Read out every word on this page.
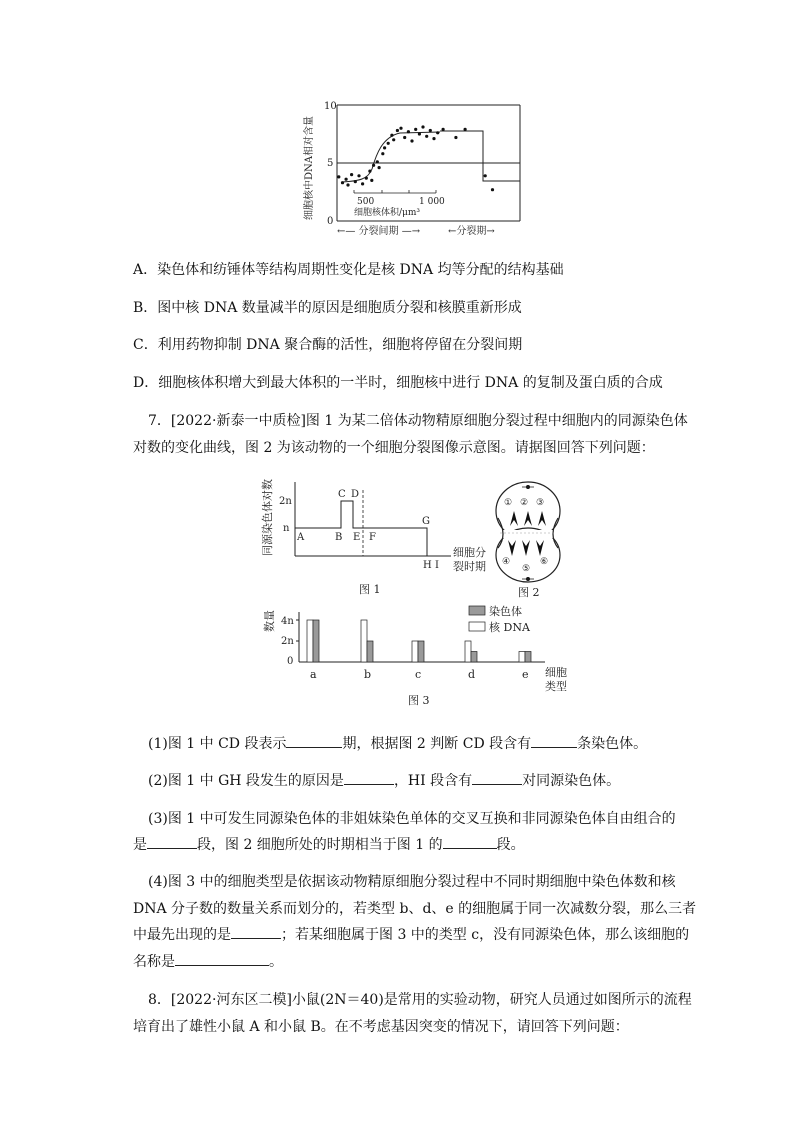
细胞核中DNA相对含量
10
5
0
500	1 000
细胞核体积/μm³
←— 分裂间期 —→	←分裂期→
A．染色体和纺锤体等结构周期性变化是核 DNA 均等分配的结构基础
B．图中核 DNA 数量减半的原因是细胞质分裂和核膜重新形成
C．利用药物抑制 DNA 聚合酶的活性，细胞将停留在分裂间期
D．细胞核体积增大到最大体积的一半时，细胞核中进行 DNA 的复制及蛋白质的合成
7．[2022·新泰一中质检]图 1 为某二倍体动物精原细胞分裂过程中细胞内的同源染色体
对数的变化曲线，图 2 为该动物的一个细胞分裂图像示意图。请据图回答下列问题：
同源染色体对数 2n
n
A	B
C D
E F
G
H I
细胞分
裂时期
图 1
① ② ③
④
⑤
⑥
图 2
数量 4n
2n
0
a	b	c	d	e
染色体
核 DNA
细胞
类型
图 3
(1)图 1 中 CD 段表示	期，根据图 2 判断 CD 段含有	条染色体。
(2)图 1 中 GH 段发生的原因是	，HI 段含有	对同源染色体。
(3)图 1 中可发生同源染色体的非姐妹染色单体的交叉互换和非同源染色体自由组合的
是	段，图 2 细胞所处的时期相当于图 1 的	段。
(4)图 3 中的细胞类型是依据该动物精原细胞分裂过程中不同时期细胞中染色体数和核
DNA 分子数的数量关系而划分的，若类型 b、d、e 的细胞属于同一次减数分裂，那么三者
中最先出现的是	；若某细胞属于图 3 中的类型 c，没有同源染色体，那么该细胞的
名称是	。
8．[2022·河东区二模]小鼠(2N＝40)是常用的实验动物，研究人员通过如图所示的流程
培育出了雄性小鼠 A 和小鼠 B。在不考虑基因突变的情况下，请回答下列问题：
